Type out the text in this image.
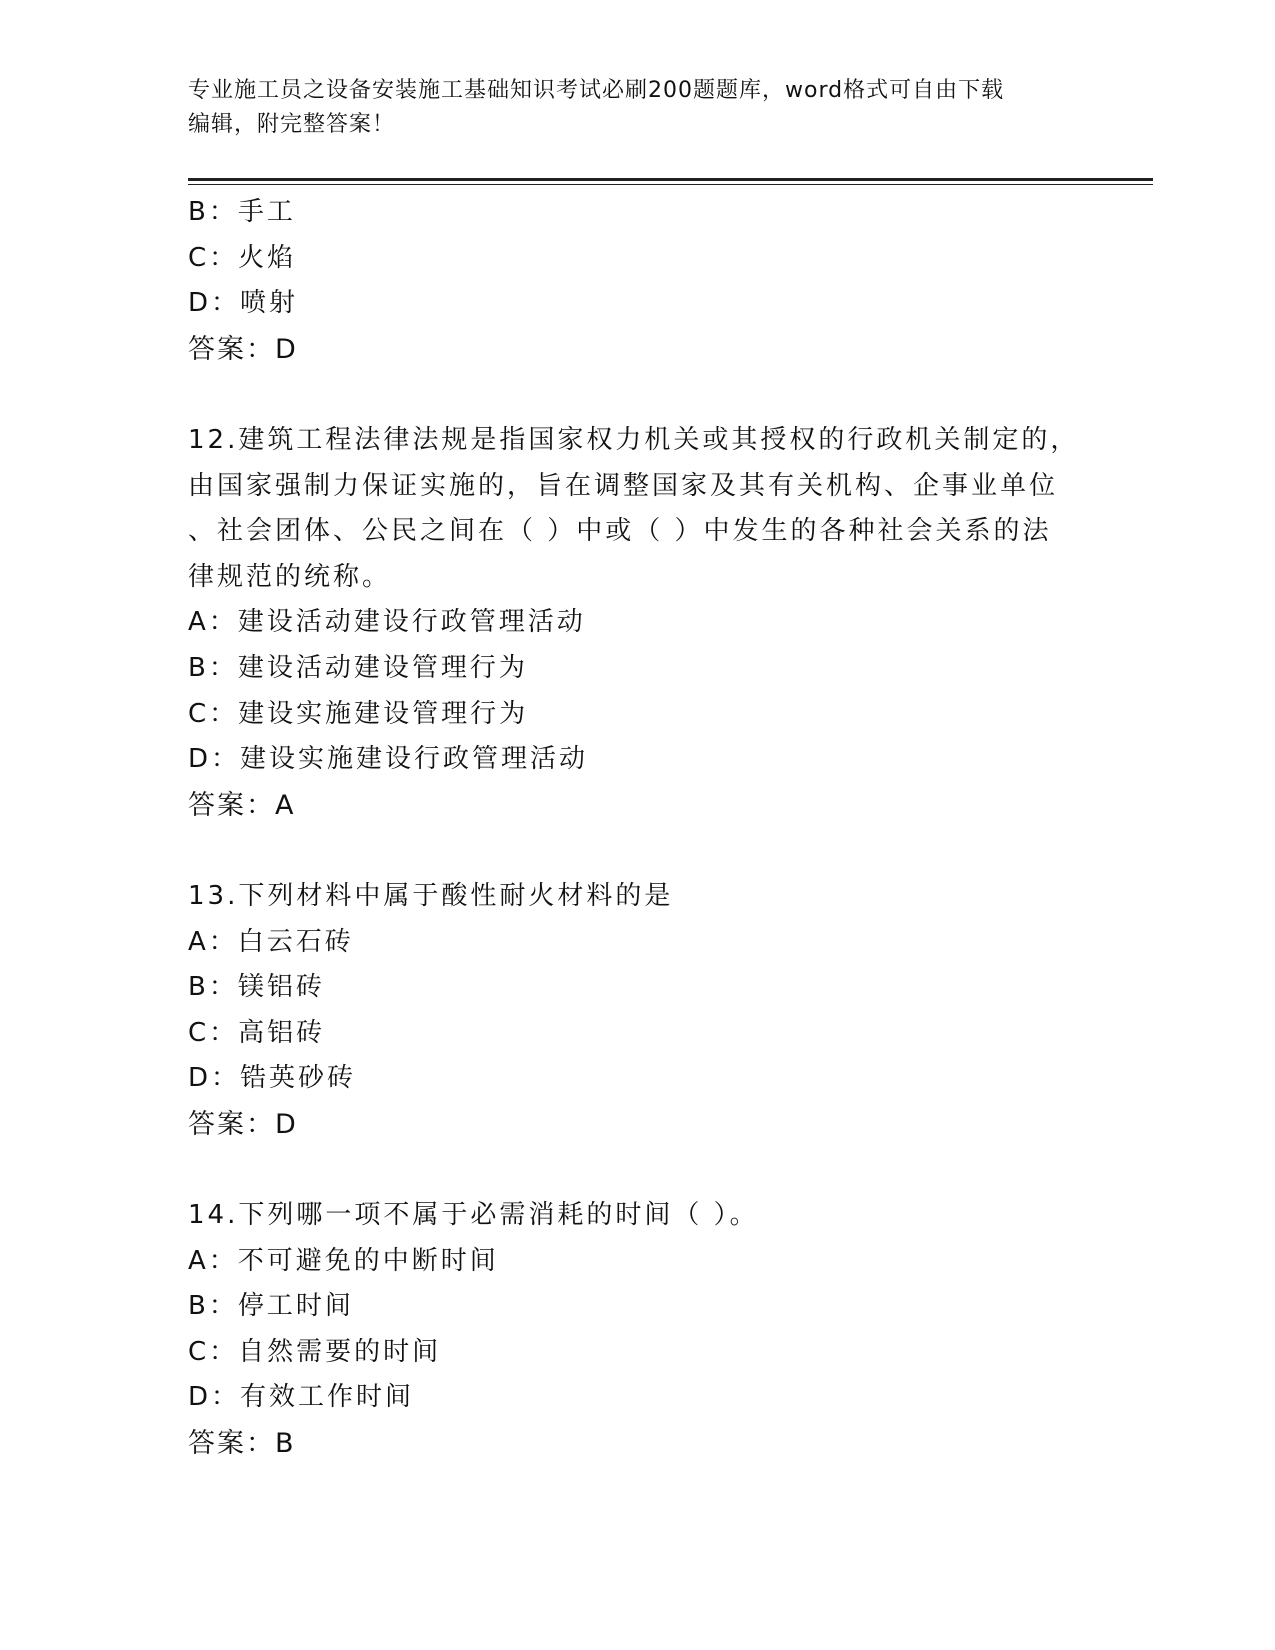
专业施工员之设备安装施工基础知识考试必刷200题题库，word格式可自由下载
编辑，附完整答案！
B：手工
C：火焰
D：喷射
答案：D
12.建筑工程法律法规是指国家权力机关或其授权的行政机关制定的，
由国家强制力保证实施的，旨在调整国家及其有关机构、企事业单位
、社会团体、公民之间在（ ）中或（ ）中发生的各种社会关系的法
律规范的统称。
A：建设活动建设行政管理活动
B：建设活动建设管理行为
C：建设实施建设管理行为
D：建设实施建设行政管理活动
答案：A
13.下列材料中属于酸性耐火材料的是
A：白云石砖
B：镁铝砖
C：高铝砖
D：锆英砂砖
答案：D
14.下列哪一项不属于必需消耗的时间（ ）。
A：不可避免的中断时间
B：停工时间
C：自然需要的时间
D：有效工作时间
答案：B
